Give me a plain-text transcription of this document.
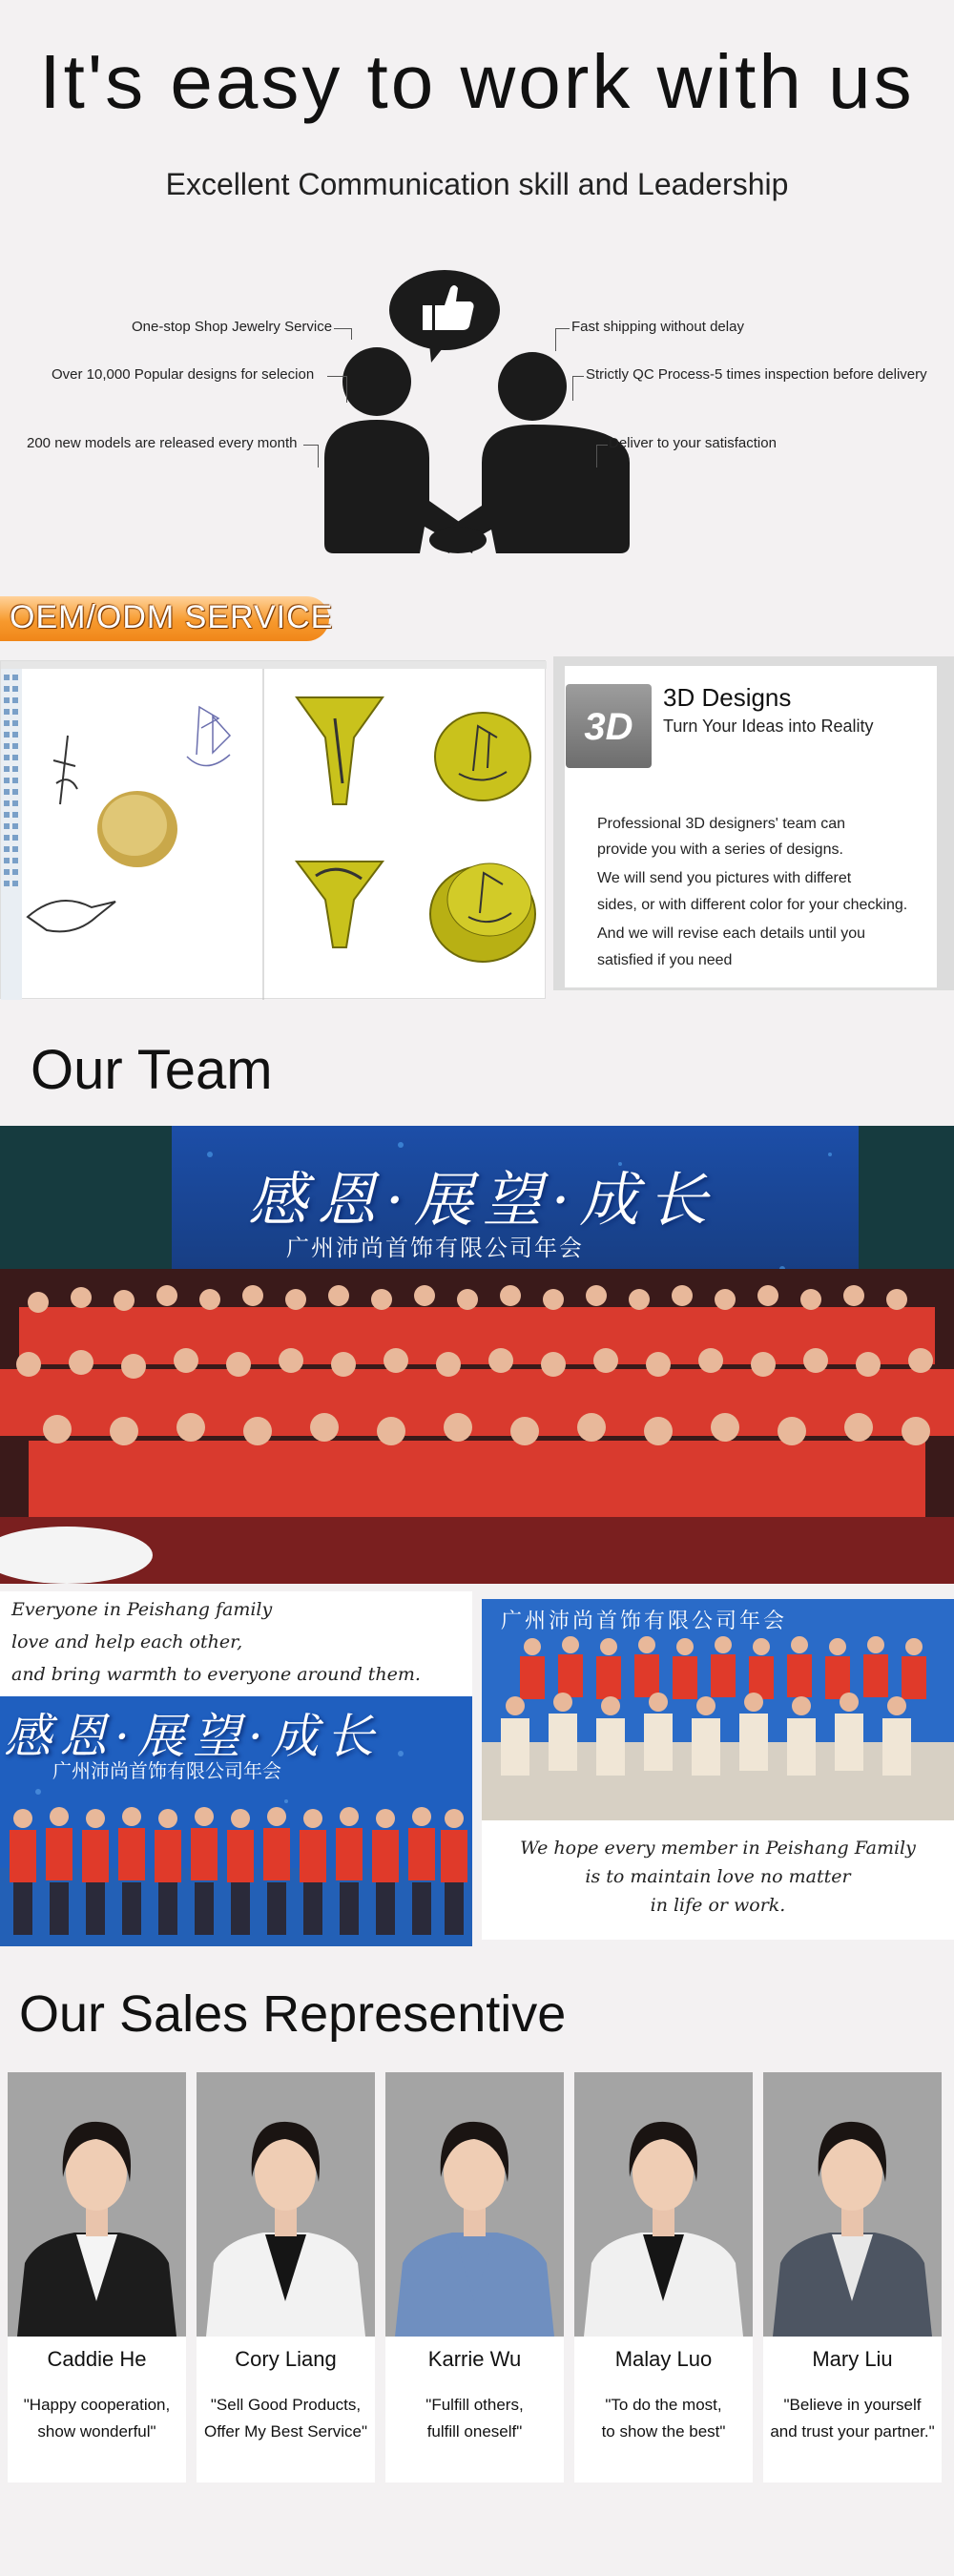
It's easy to work with us
Excellent Communication skill and Leadership
One-stop Shop Jewelry Service
Over 10,000 Popular designs for selecion
200 new models are released every month
Fast shipping without delay
Strictly QC Process-5 times inspection before delivery
Deliver to your satisfaction
OEM/ODM SERVICE
3D
3D Designs
Turn Your Ideas into Reality
Professional 3D designers' team can
provide you with a series of designs.
We will send you pictures with differet
sides, or with different color for your checking.
And we will revise each details until you
satisfied if you need
Our Team
感恩·展望·成长
广州沛尚首饰有限公司年会
Everyone in Peishang family
love and help each other,
and bring warmth to everyone around them.
感恩·展望·成长
广州沛尚首饰有限公司年会
广州沛尚首饰有限公司年会
We hope every member in Peishang Family
is to maintain love no matter
in life or work.
Our Sales Representive
Caddie He
"Happy cooperation,
show wonderful"
Cory Liang
"Sell Good Products,
Offer My Best Service"
Karrie Wu
"Fulfill others,
fulfill oneself"
Malay Luo
"To do the most,
to show the best"
Mary Liu
"Believe in yourself
and trust your partner."
